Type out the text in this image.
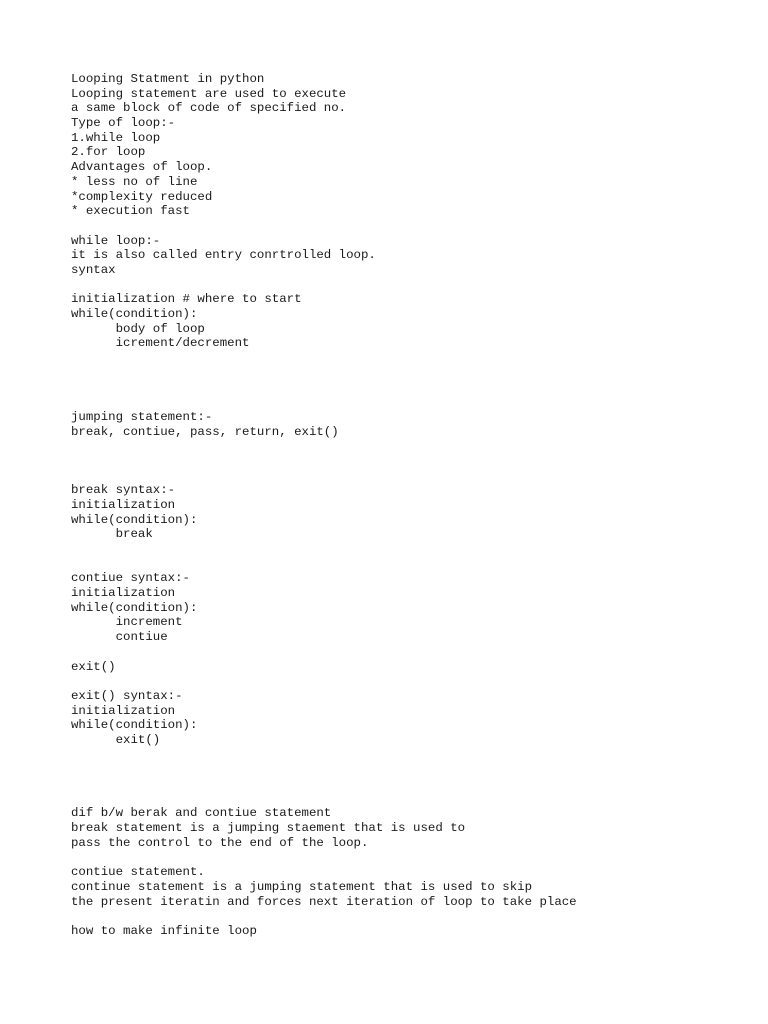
Looping Statment in python
Looping statement are used to execute
a same block of code of specified no.
Type of loop:-
1.while loop
2.for loop
Advantages of loop.
* less no of line
*complexity reduced
* execution fast
while loop:-
it is also called entry conrtrolled loop.
syntax
initialization # where to start
while(condition):
body of loop
icrement/decrement
jumping statement:-
break, contiue, pass, return, exit()
break syntax:-
initialization
while(condition):
break
contiue syntax:-
initialization
while(condition):
increment
contiue
exit()
exit() syntax:-
initialization
while(condition):
exit()
dif b/w berak and contiue statement
break statement is a jumping staement that is used to
pass the control to the end of the loop.
contiue statement.
continue statement is a jumping statement that is used to skip
the present iteratin and forces next iteration of loop to take place
how to make infinite loop
